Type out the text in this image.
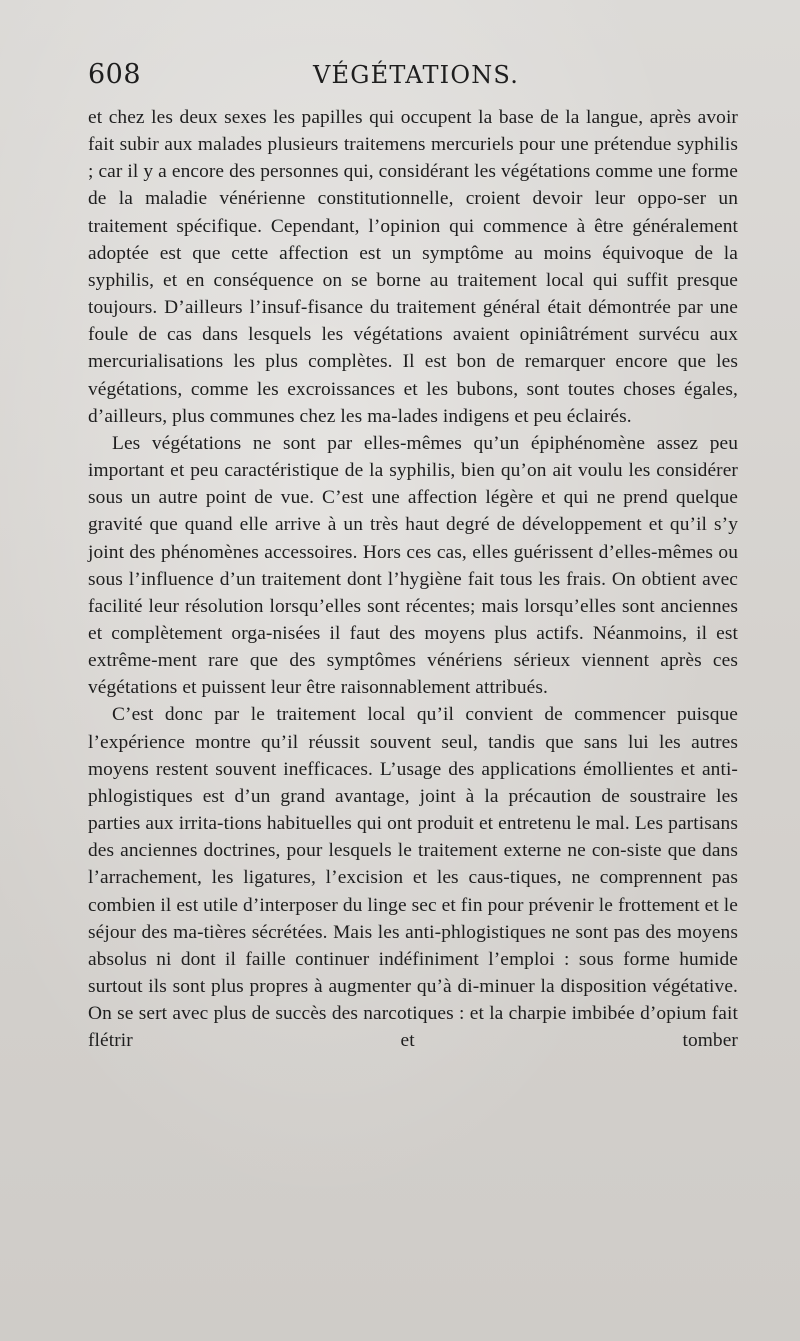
608	VÉGÉTATIONS.

et chez les deux sexes les papilles qui occupent la base de la langue, après avoir fait subir aux malades plusieurs traitemens mercuriels pour une prétendue syphilis ; car il y a encore des personnes qui, considérant les végétations comme une forme de la maladie vénérienne constitutionnelle, croient devoir leur oppo-ser un traitement spécifique. Cependant, l’opinion qui commence à être généralement adoptée est que cette affection est un symptôme au moins équivoque de la syphilis, et en conséquence on se borne au traitement local qui suffit presque toujours. D’ailleurs l’insuf-fisance du traitement général était démontrée par une foule de cas dans lesquels les végétations avaient opiniâtrément survécu aux mercurialisations les plus complètes. Il est bon de remarquer encore que les végétations, comme les excroissances et les bubons, sont toutes choses égales, d’ailleurs, plus communes chez les ma-lades indigens et peu éclairés.

Les végétations ne sont par elles-mêmes qu’un épiphénomène assez peu important et peu caractéristique de la syphilis, bien qu’on ait voulu les considérer sous un autre point de vue. C’est une affection légère et qui ne prend quelque gravité que quand elle arrive à un très haut degré de développement et qu’il s’y joint des phénomènes accessoires. Hors ces cas, elles guérissent d’elles-mêmes ou sous l’influence d’un traitement dont l’hygiène fait tous les frais. On obtient avec facilité leur résolution lorsqu’elles sont récentes; mais lorsqu’elles sont anciennes et complètement orga-nisées il faut des moyens plus actifs. Néanmoins, il est extrême-ment rare que des symptômes vénériens sérieux viennent après ces végétations et puissent leur être raisonnablement attribués.

C’est donc par le traitement local qu’il convient de commencer puisque l’expérience montre qu’il réussit souvent seul, tandis que sans lui les autres moyens restent souvent inefficaces. L’usage des applications émollientes et anti-phlogistiques est d’un grand avantage, joint à la précaution de soustraire les parties aux irrita-tions habituelles qui ont produit et entretenu le mal. Les partisans des anciennes doctrines, pour lesquels le traitement externe ne con-siste que dans l’arrachement, les ligatures, l’excision et les caus-tiques, ne comprennent pas combien il est utile d’interposer du linge sec et fin pour prévenir le frottement et le séjour des ma-tières sécrétées. Mais les anti-phlogistiques ne sont pas des moyens absolus ni dont il faille continuer indéfiniment l’emploi : sous forme humide surtout ils sont plus propres à augmenter qu’à di-minuer la disposition végétative. On se sert avec plus de succès des narcotiques : et la charpie imbibée d’opium fait flétrir et tomber
